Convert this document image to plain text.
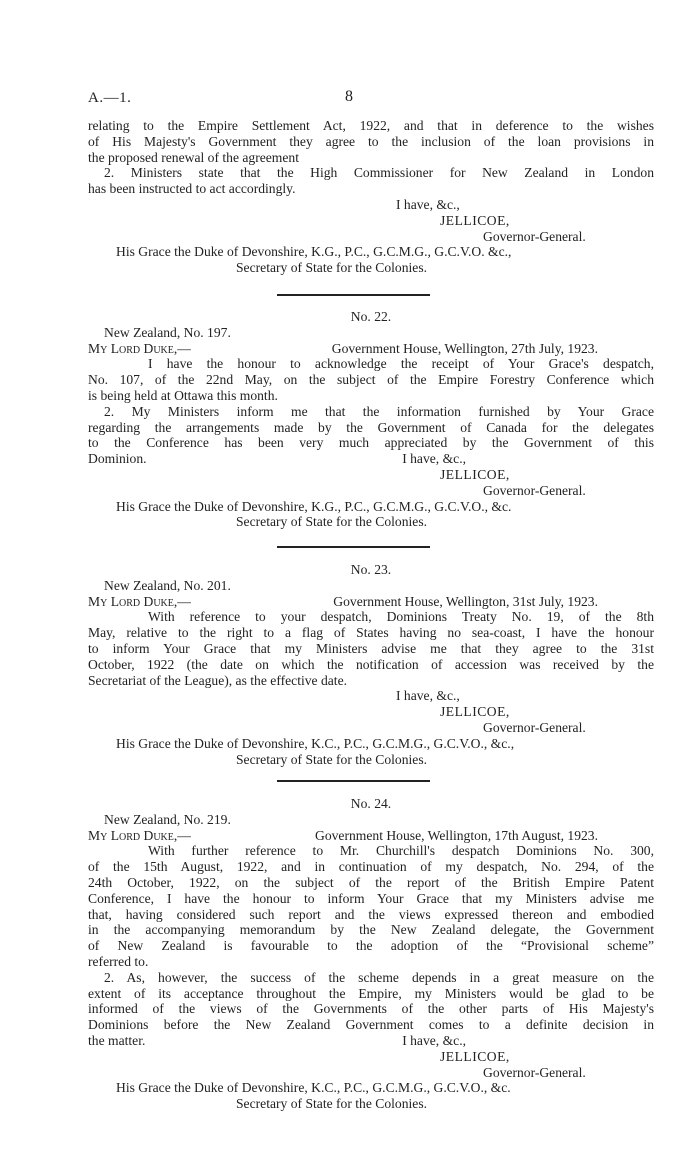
A.—1.	8
relating to the Empire Settlement Act, 1922, and that in deference to the wishes
of His Majesty's Government they agree to the inclusion of the loan provisions in
the proposed renewal of the agreement
2. Ministers state that the High Commissioner for New Zealand in London
has been instructed to act accordingly.
I have, &c.,
JELLICOE,
Governor-General.
His Grace the Duke of Devonshire, K.G., P.C., G.C.M.G., G.C.V.O. &c.,
Secretary of State for the Colonies.
No. 22.
New Zealand, No. 197.
My Lord Duke,—	Government House, Wellington, 27th July, 1923.
I have the honour to acknowledge the receipt of Your Grace's despatch,
No. 107, of the 22nd May, on the subject of the Empire Forestry Conference which
is being held at Ottawa this month.
2. My Ministers inform me that the information furnished by Your Grace
regarding the arrangements made by the Government of Canada for the delegates
to the Conference has been very much appreciated by the Government of this
Dominion.	I have, &c.,
JELLICOE,
Governor-General.
His Grace the Duke of Devonshire, K.G., P.C., G.C.M.G., G.C.V.O., &c.
Secretary of State for the Colonies.
No. 23.
New Zealand, No. 201.
My Lord Duke,—	Government House, Wellington, 31st July, 1923.
With reference to your despatch, Dominions Treaty No. 19, of the 8th
May, relative to the right to a flag of States having no sea-coast, I have the honour
to inform Your Grace that my Ministers advise me that they agree to the 31st
October, 1922 (the date on which the notification of accession was received by the
Secretariat of the League), as the effective date.
I have, &c.,
JELLICOE,
Governor-General.
His Grace the Duke of Devonshire, K.C., P.C., G.C.M.G., G.C.V.O., &c.,
Secretary of State for the Colonies.
No. 24.
New Zealand, No. 219.
My Lord Duke,—	Government House, Wellington, 17th August, 1923.
With further reference to Mr. Churchill's despatch Dominions No. 300,
of the 15th August, 1922, and in continuation of my despatch, No. 294, of the
24th October, 1922, on the subject of the report of the British Empire Patent
Conference, I have the honour to inform Your Grace that my Ministers advise me
that, having considered such report and the views expressed thereon and embodied
in the accompanying memorandum by the New Zealand delegate, the Government
of New Zealand is favourable to the adoption of the “Provisional scheme”
referred to.
2. As, however, the success of the scheme depends in a great measure on the
extent of its acceptance throughout the Empire, my Ministers would be glad to be
informed of the views of the Governments of the other parts of His Majesty's
Dominions before the New Zealand Government comes to a definite decision in
the matter.	I have, &c.,
JELLICOE,
Governor-General.
His Grace the Duke of Devonshire, K.C., P.C., G.C.M.G., G.C.V.O., &c.
Secretary of State for the Colonies.
